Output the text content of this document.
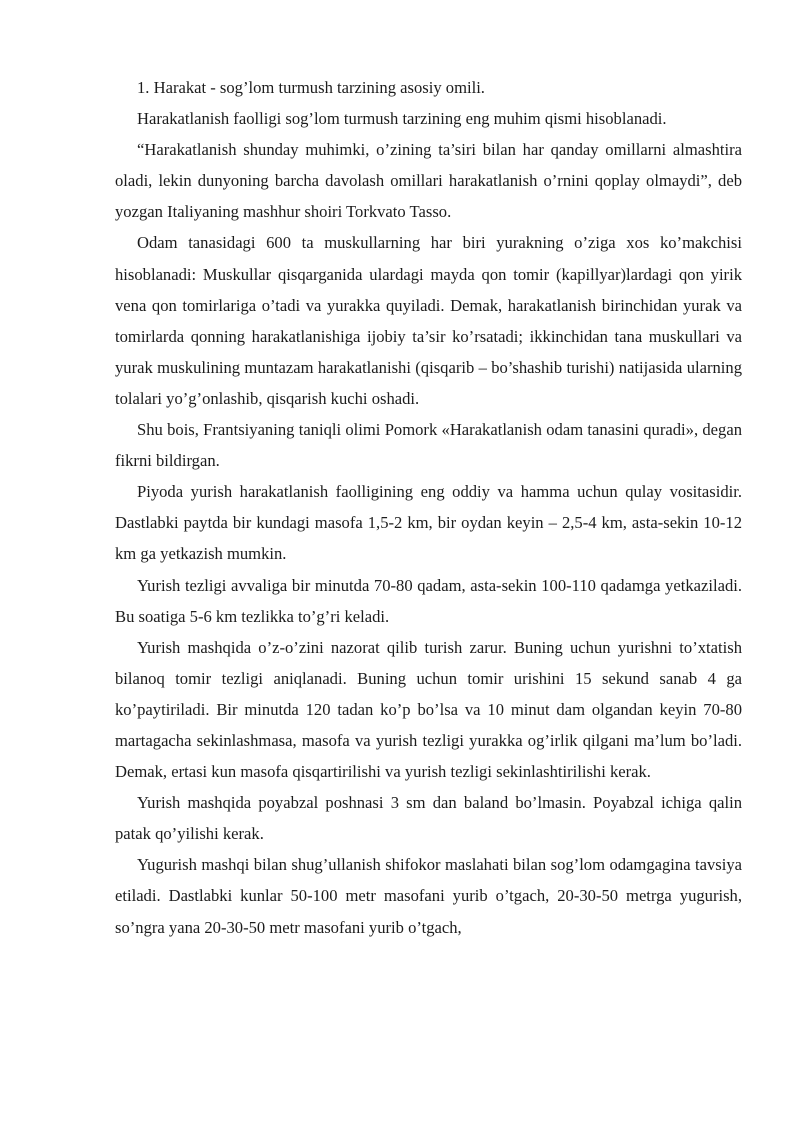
1. Harakat - sog’lom turmush tarzining asosiy omili.

Harakatlanish faolligi sog’lom turmush tarzining eng muhim qismi hisoblanadi.

“Harakatlanish shunday muhimki, o’zining ta’siri bilan har qanday omillarni almashtira oladi, lekin dunyoning barcha davolash omillari harakatlanish o’rnini qoplay olmaydi”, deb yozgan Italiyaning mashhur shoiri Torkvato Tasso.

Odam tanasidagi 600 ta muskullarning har biri yurakning o’ziga xos ko’makchisi hisoblanadi: Muskullar qisqarganida ulardagi mayda qon tomir (kapillyar)lardagi qon yirik vena qon tomirlariga o’tadi va yurakka quyiladi. Demak, harakatlanish birinchidan yurak va tomirlarda qonning harakatlanishiga ijobiy ta’sir ko’rsatadi; ikkinchidan tana muskullari va yurak muskulining muntazam harakatlanishi (qisqarib – bo’shashib turishi) natijasida ularning tolalari yo’g’onlashib, qisqarish kuchi oshadi.

Shu bois, Frantsiyaning taniqli olimi Pomork «Harakatlanish odam tanasini quradi», degan fikrni bildirgan.

Piyoda yurish harakatlanish faolligining eng oddiy va hamma uchun qulay vositasidir. Dastlabki paytda bir kundagi masofa 1,5-2 km, bir oydan keyin – 2,5-4 km, asta-sekin 10-12 km ga yetkazish mumkin.

Yurish tezligi avvaliga bir minutda 70-80 qadam, asta-sekin 100-110 qadamga yetkaziladi. Bu soatiga 5-6 km tezlikka to’g’ri keladi.

Yurish mashqida o’z-o’zini nazorat qilib turish zarur. Buning uchun yurishni to’xtatish bilanoq tomir tezligi aniqlanadi. Buning uchun tomir urishini 15 sekund sanab 4 ga ko’paytiriladi. Bir minutda 120 tadan ko’p bo’lsa va 10 minut dam olgandan keyin 70-80 martagacha sekinlashmasa, masofa va yurish tezligi yurakka og’irlik qilgani ma’lum bo’ladi. Demak, ertasi kun masofa qisqartirilishi va yurish tezligi sekinlashtirilishi kerak.

Yurish mashqida poyabzal poshnasi 3 sm dan baland bo’lmasin. Poyabzal ichiga qalin patak qo’yilishi kerak.

Yugurish mashqi bilan shug’ullanish shifokor maslahati bilan sog’lom odamgagina tavsiya etiladi. Dastlabki kunlar 50-100 metr masofani yurib o’tgach, 20-30-50 metrga yugurish, so’ngra yana 20-30-50 metr masofani yurib o’tgach,
